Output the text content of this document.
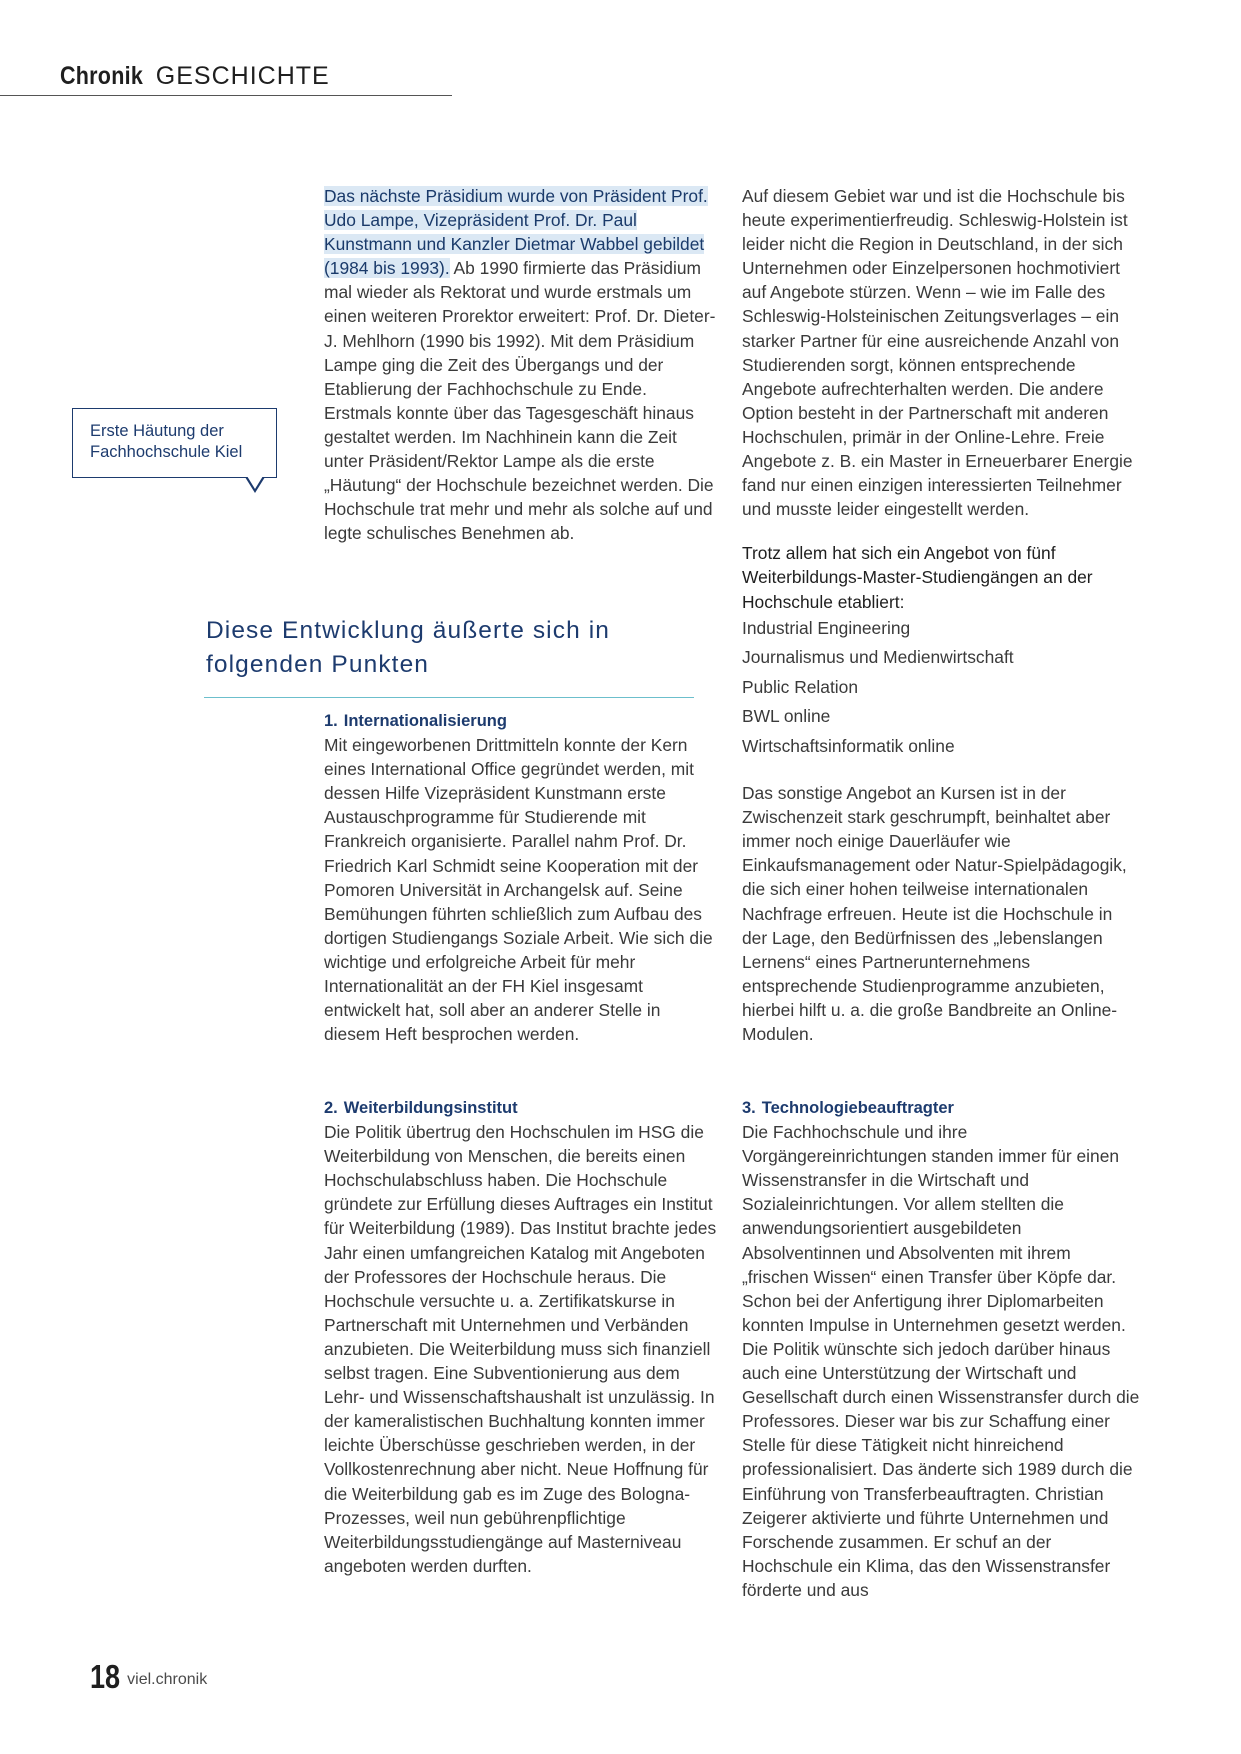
Chronik GESCHICHTE
Erste Häutung der
Fachhochschule Kiel

Das nächste Präsidium wurde von Präsident Prof. Udo Lampe, Vizepräsident Prof. Dr. Paul Kunstmann und Kanzler Dietmar Wabbel gebildet (1984 bis 1993). Ab 1990 firmierte das Präsidium mal wieder als Rektorat und wurde erstmals um einen weiteren Prorektor erweitert: Prof. Dr. Dieter-J. Mehlhorn (1990 bis 1992). Mit dem Präsidium Lampe ging die Zeit des Übergangs und der Etablierung der Fachhochschule zu Ende. Erstmals konnte über das Tagesgeschäft hinaus gestaltet werden. Im Nachhinein kann die Zeit unter Präsident/Rektor Lampe als die erste „Häutung“ der Hochschule bezeichnet werden. Die Hochschule trat mehr und mehr als solche auf und legte schulisches Benehmen ab.

Diese Entwicklung äußerte sich in
folgenden Punkten

1. Internationalisierung

Mit eingeworbenen Drittmitteln konnte der Kern eines International Office gegründet werden, mit dessen Hilfe Vizepräsident Kunstmann erste Austauschprogramme für Studierende mit Frankreich organisierte. Parallel nahm Prof. Dr. Friedrich Karl Schmidt seine Kooperation mit der Pomoren Universität in Archangelsk auf. Seine Bemühungen führten schließlich zum Aufbau des dortigen Studiengangs Soziale Arbeit. Wie sich die wichtige und erfolgreiche Arbeit für mehr Internationalität an der FH Kiel insgesamt entwickelt hat, soll aber an anderer Stelle in diesem Heft besprochen werden.

2. Weiterbildungsinstitut

Die Politik übertrug den Hochschulen im HSG die Weiterbildung von Menschen, die bereits einen Hochschulabschluss haben. Die Hochschule gründete zur Erfüllung dieses Auftrages ein Institut für Weiterbildung (1989). Das Institut brachte jedes Jahr einen umfangreichen Katalog mit Angeboten der Professores der Hochschule heraus. Die Hochschule versuchte u. a. Zertifikatskurse in Partnerschaft mit Unternehmen und Verbänden anzubieten. Die Weiterbildung muss sich finanziell selbst tragen. Eine Subventionierung aus dem Lehr- und Wissenschaftshaushalt ist unzulässig. In der kameralistischen Buchhaltung konnten immer leichte Überschüsse geschrieben werden, in der Vollkostenrechnung aber nicht. Neue Hoffnung für die Weiterbildung gab es im Zuge des Bologna-Prozesses, weil nun gebührenpflichtige Weiterbildungsstudiengänge auf Masterniveau angeboten werden durften.

Auf diesem Gebiet war und ist die Hochschule bis heute experimentierfreudig. Schleswig-Holstein ist leider nicht die Region in Deutschland, in der sich Unternehmen oder Einzelpersonen hochmotiviert auf Angebote stürzen. Wenn – wie im Falle des Schleswig-Holsteinischen Zeitungsverlages – ein starker Partner für eine ausreichende Anzahl von Studierenden sorgt, können entsprechende Angebote aufrechterhalten werden. Die andere Option besteht in der Partnerschaft mit anderen Hochschulen, primär in der Online-Lehre. Freie Angebote z. B. ein Master in Erneuerbarer Energie fand nur einen einzigen interessierten Teilnehmer und musste leider eingestellt werden.

Trotz allem hat sich ein Angebot von fünf Weiterbildungs-Master-Studiengängen an der Hochschule etabliert:

Industrial Engineering

Journalismus und Medienwirtschaft

Public Relation

BWL online

Wirtschaftsinformatik online

Das sonstige Angebot an Kursen ist in der Zwischenzeit stark geschrumpft, beinhaltet aber immer noch einige Dauerläufer wie Einkaufsmanagement oder Natur-Spielpädagogik, die sich einer hohen teilweise internationalen Nachfrage erfreuen. Heute ist die Hochschule in der Lage, den Bedürfnissen des „lebenslangen Lernens“ eines Partnerunternehmens entsprechende Studienprogramme anzubieten, hierbei hilft u. a. die große Bandbreite an Online-Modulen.

3. Technologiebeauftragter

Die Fachhochschule und ihre Vorgängereinrichtungen standen immer für einen Wissenstransfer in die Wirtschaft und Sozialeinrichtungen. Vor allem stellten die anwendungsorientiert ausgebildeten Absolventinnen und Absolventen mit ihrem „frischen Wissen“ einen Transfer über Köpfe dar. Schon bei der Anfertigung ihrer Diplomarbeiten konnten Impulse in Unternehmen gesetzt werden. Die Politik wünschte sich jedoch darüber hinaus auch eine Unterstützung der Wirtschaft und Gesellschaft durch einen Wissenstransfer durch die Professores. Dieser war bis zur Schaffung einer Stelle für diese Tätigkeit nicht hinreichend professionalisiert. Das änderte sich 1989 durch die Einführung von Transferbeauftragten. Christian Zeigerer aktivierte und führte Unternehmen und Forschende zusammen. Er schuf an der Hochschule ein Klima, das den Wissenstransfer förderte und aus

18 viel.chronik
